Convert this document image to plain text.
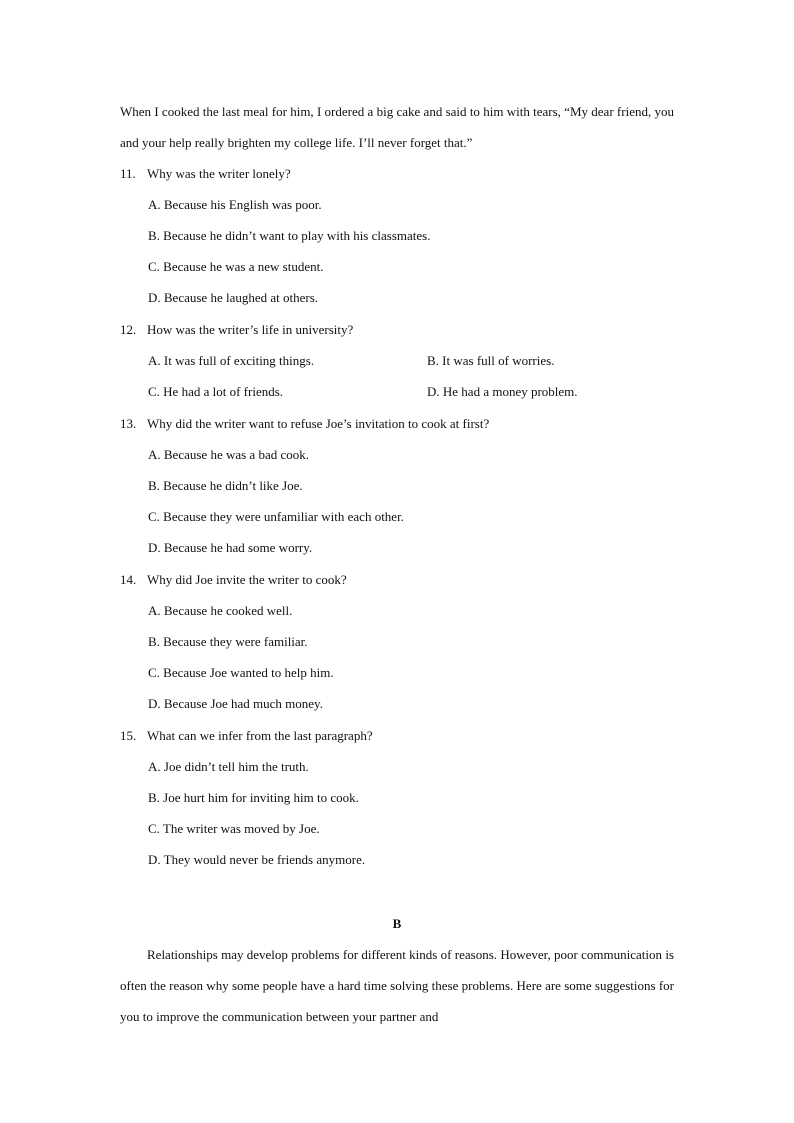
When I cooked the last meal for him, I ordered a big cake and said to him with tears, “My dear friend, you and your help really brighten my college life. I’ll never forget that.”
11. Why was the writer lonely?
A. Because his English was poor.
B. Because he didn’t want to play with his classmates.
C. Because he was a new student.
D. Because he laughed at others.
12. How was the writer’s life in university?
A. It was full of exciting things.	B. It was full of worries.
C. He had a lot of friends.	D. He had a money problem.
13. Why did the writer want to refuse Joe’s invitation to cook at first?
A. Because he was a bad cook.
B. Because he didn’t like Joe.
C. Because they were unfamiliar with each other.
D. Because he had some worry.
14. Why did Joe invite the writer to cook?
A. Because he cooked well.
B. Because they were familiar.
C. Because Joe wanted to help him.
D. Because Joe had much money.
15. What can we infer from the last paragraph?
A. Joe didn’t tell him the truth.
B. Joe hurt him for inviting him to cook.
C. The writer was moved by Joe.
D. They would never be friends anymore.
B
Relationships may develop problems for different kinds of reasons. However, poor communication is often the reason why some people have a hard time solving these problems. Here are some suggestions for you to improve the communication between your partner and
